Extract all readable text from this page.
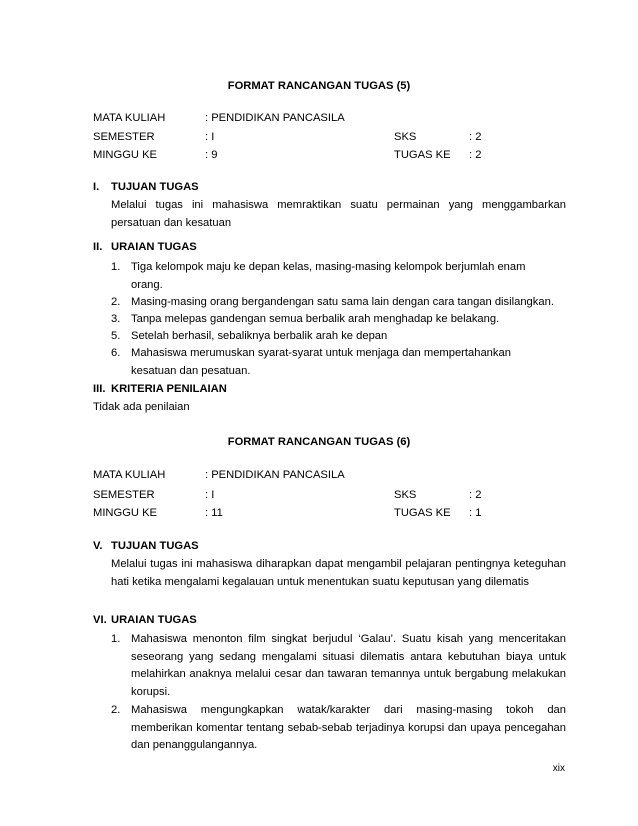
FORMAT RANCANGAN TUGAS (5)
MATA KULIAH	: PENDIDIKAN PANCASILA
SEMESTER	: I	SKS	: 2
MINGGU KE	: 9	TUGAS KE : 2
I. TUJUAN TUGAS
Melalui tugas ini mahasiswa memraktikan suatu permainan yang menggambarkan persatuan dan kesatuan
II. URAIAN TUGAS
1. Tiga kelompok maju ke depan kelas, masing-masing kelompok berjumlah enam orang.
2. Masing-masing orang bergandengan satu sama lain dengan cara tangan disilangkan.
3. Tanpa melepas gandengan semua berbalik arah menghadap ke belakang.
5. Setelah berhasil, sebaliknya berbalik arah ke depan
6. Mahasiswa merumuskan syarat-syarat untuk menjaga dan mempertahankan kesatuan dan pesatuan.
III. KRITERIA PENILAIAN
Tidak ada penilaian
FORMAT RANCANGAN TUGAS (6)
MATA KULIAH	: PENDIDIKAN PANCASILA
SEMESTER	: I	SKS	: 2
MINGGU KE	: 11	TUGAS KE : 1
V. TUJUAN TUGAS
Melalui tugas ini mahasiswa diharapkan dapat mengambil pelajaran pentingnya keteguhan hati ketika mengalami kegalauan untuk menentukan suatu keputusan yang dilematis
VI. URAIAN TUGAS
1. Mahasiswa menonton film singkat berjudul ‘Galau’. Suatu kisah yang menceritakan seseorang yang sedang mengalami situasi dilematis antara kebutuhan biaya untuk melahirkan anaknya melalui cesar dan tawaran temannya untuk bergabung melakukan korupsi.
2. Mahasiswa mengungkapkan watak/karakter dari masing-masing tokoh dan memberikan komentar tentang sebab-sebab terjadinya korupsi dan upaya pencegahan dan penanggulangannya.
xix
